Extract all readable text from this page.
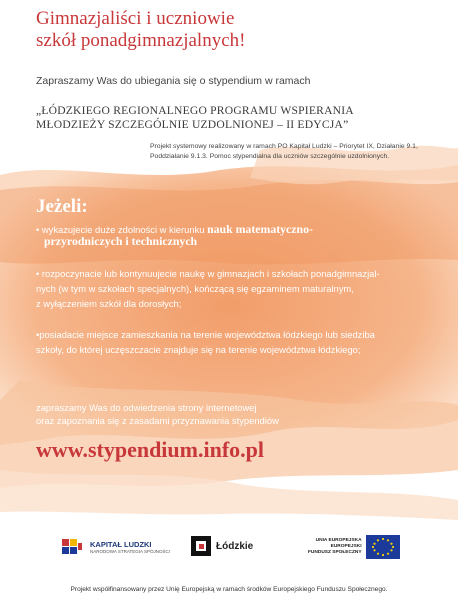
Gimnazjaliści i uczniowie
szkół ponadgimnazjalnych!
Zapraszamy Was do ubiegania się o stypendium w ramach
„ŁÓDZKIEGO REGIONALNEGO PROGRAMU WSPIERANIA
MŁODZIEŻY SZCZEGÓLNIE UZDOLNIONEJ – II EDYCJA”
Projekt systemowy realizowany w ramach PO Kapitał Ludzki – Priorytet IX, Działanie 9.1,
Poddziałanie 9.1.3. Pomoc stypendialna dla uczniów szczególnie uzdolnionych.
Jeżeli:
• wykazujecie duże zdolności w kierunku nauk matematyczno-
przyrodniczych i technicznych
• rozpoczynacie lub kontynuujecie naukę w gimnazjach i szkołach ponadgimnazjal-
nych (w tym w szkołach specjalnych), kończącą się egzaminem maturalnym,
z wyłączeniem szkół dla dorosłych;
•posiadacie miejsce zamieszkania na terenie województwa łódzkiego lub siedziba
szkoły, do której uczęszczacie znajduje się na terenie województwa łódzkiego;
zapraszamy Was do odwiedzenia strony internetowej
oraz zapoznania się z zasadami przyznawania stypendiów
www.stypendium.info.pl
KAPITAŁ LUDZKI
NARODOWA STRATEGIA SPÓJNOŚCI	Łódzkie	UNIA EUROPEJSKA
EUROPEJSKI
FUNDUSZ SPOŁECZNY
Projekt współfinansowany przez Unię Europejską w ramach środków Europejskiego Funduszu Społecznego.
